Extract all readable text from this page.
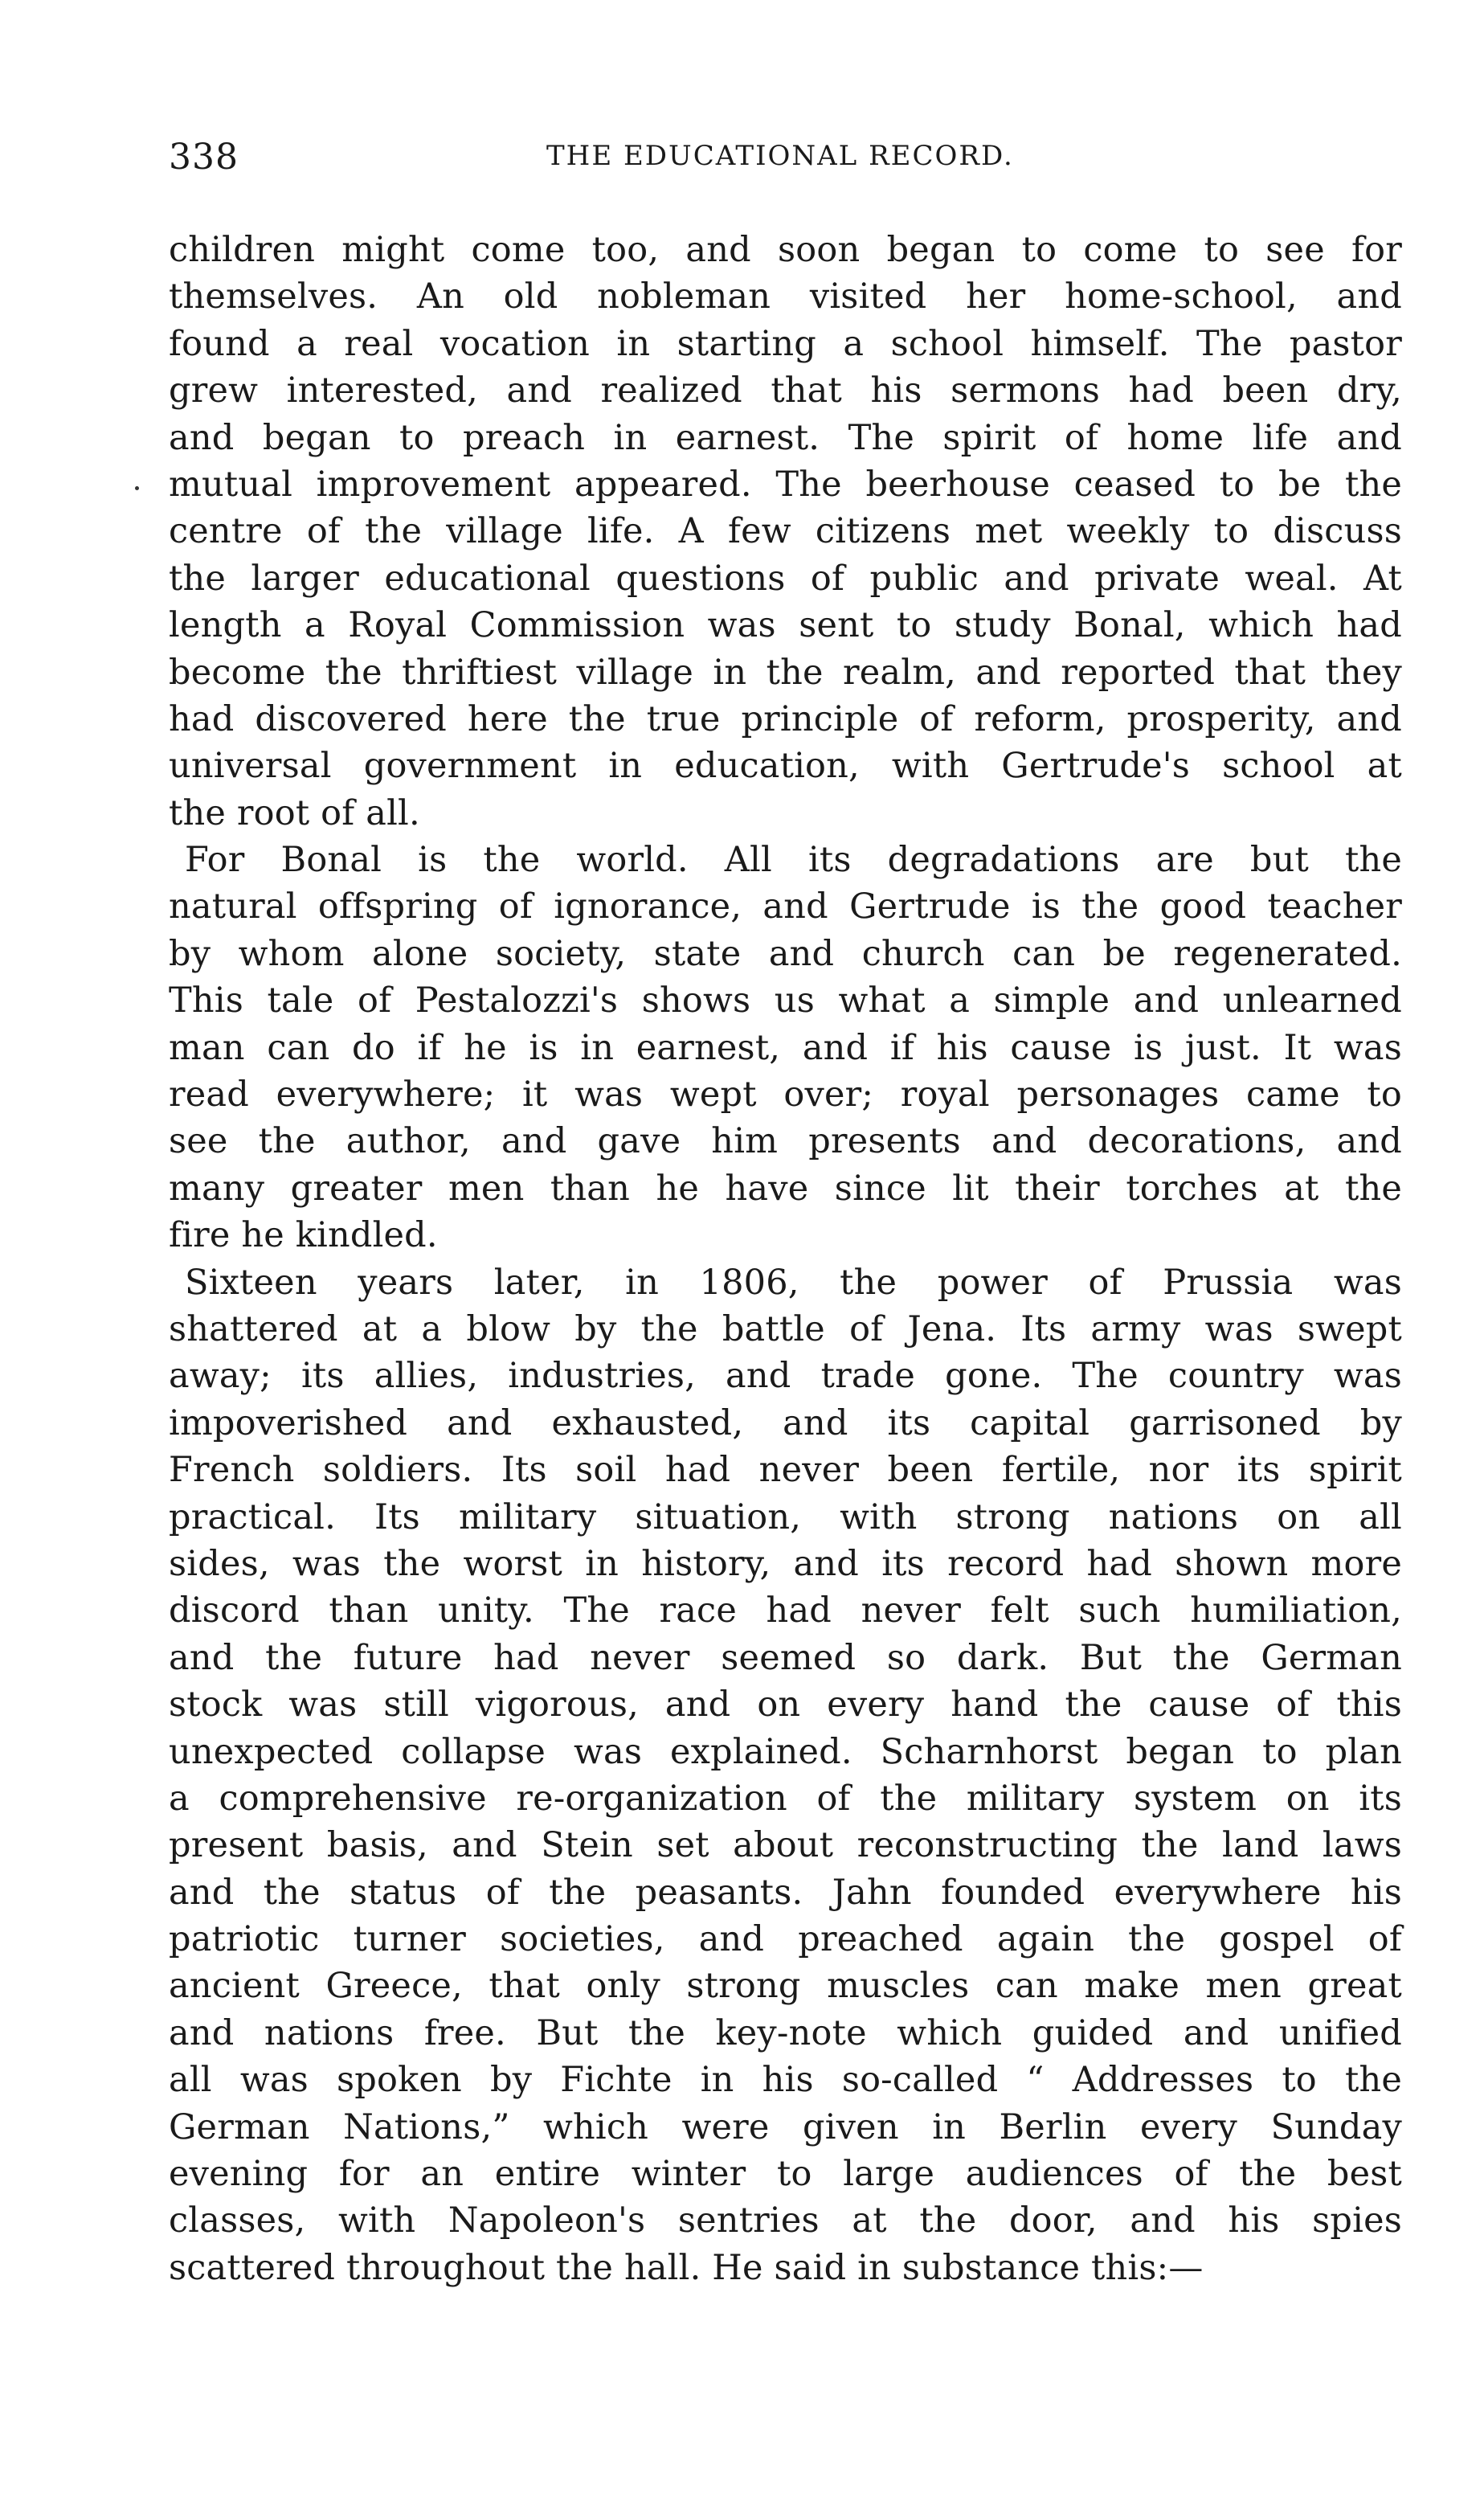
338	THE EDUCATIONAL RECORD.
children might come too, and soon began to come to see for
themselves. An old nobleman visited her home-school, and
found a real vocation in starting a school himself. The pastor
grew interested, and realized that his sermons had been dry,
and began to preach in earnest. The spirit of home life and
mutual improvement appeared. The beerhouse ceased to be the
centre of the village life. A few citizens met weekly to discuss
the larger educational questions of public and private weal. At
length a Royal Commission was sent to study Bonal, which had
become the thriftiest village in the realm, and reported that they
had discovered here the true principle of reform, prosperity, and
universal government in education, with Gertrude's school at
the root of all.
For Bonal is the world. All its degradations are but the
natural offspring of ignorance, and Gertrude is the good teacher
by whom alone society, state and church can be regenerated.
This tale of Pestalozzi's shows us what a simple and unlearned
man can do if he is in earnest, and if his cause is just. It was
read everywhere; it was wept over; royal personages came to
see the author, and gave him presents and decorations, and
many greater men than he have since lit their torches at the
fire he kindled.
Sixteen years later, in 1806, the power of Prussia was
shattered at a blow by the battle of Jena. Its army was swept
away; its allies, industries, and trade gone. The country was
impoverished and exhausted, and its capital garrisoned by
French soldiers. Its soil had never been fertile, nor its spirit
practical. Its military situation, with strong nations on all
sides, was the worst in history, and its record had shown more
discord than unity. The race had never felt such humiliation,
and the future had never seemed so dark. But the German
stock was still vigorous, and on every hand the cause of this
unexpected collapse was explained. Scharnhorst began to plan
a comprehensive re-organization of the military system on its
present basis, and Stein set about reconstructing the land laws
and the status of the peasants. Jahn founded everywhere his
patriotic turner societies, and preached again the gospel of
ancient Greece, that only strong muscles can make men great
and nations free. But the key-note which guided and unified
all was spoken by Fichte in his so-called “ Addresses to the
German Nations,” which were given in Berlin every Sunday
evening for an entire winter to large audiences of the best
classes, with Napoleon's sentries at the door, and his spies
scattered throughout the hall. He said in substance this:—
